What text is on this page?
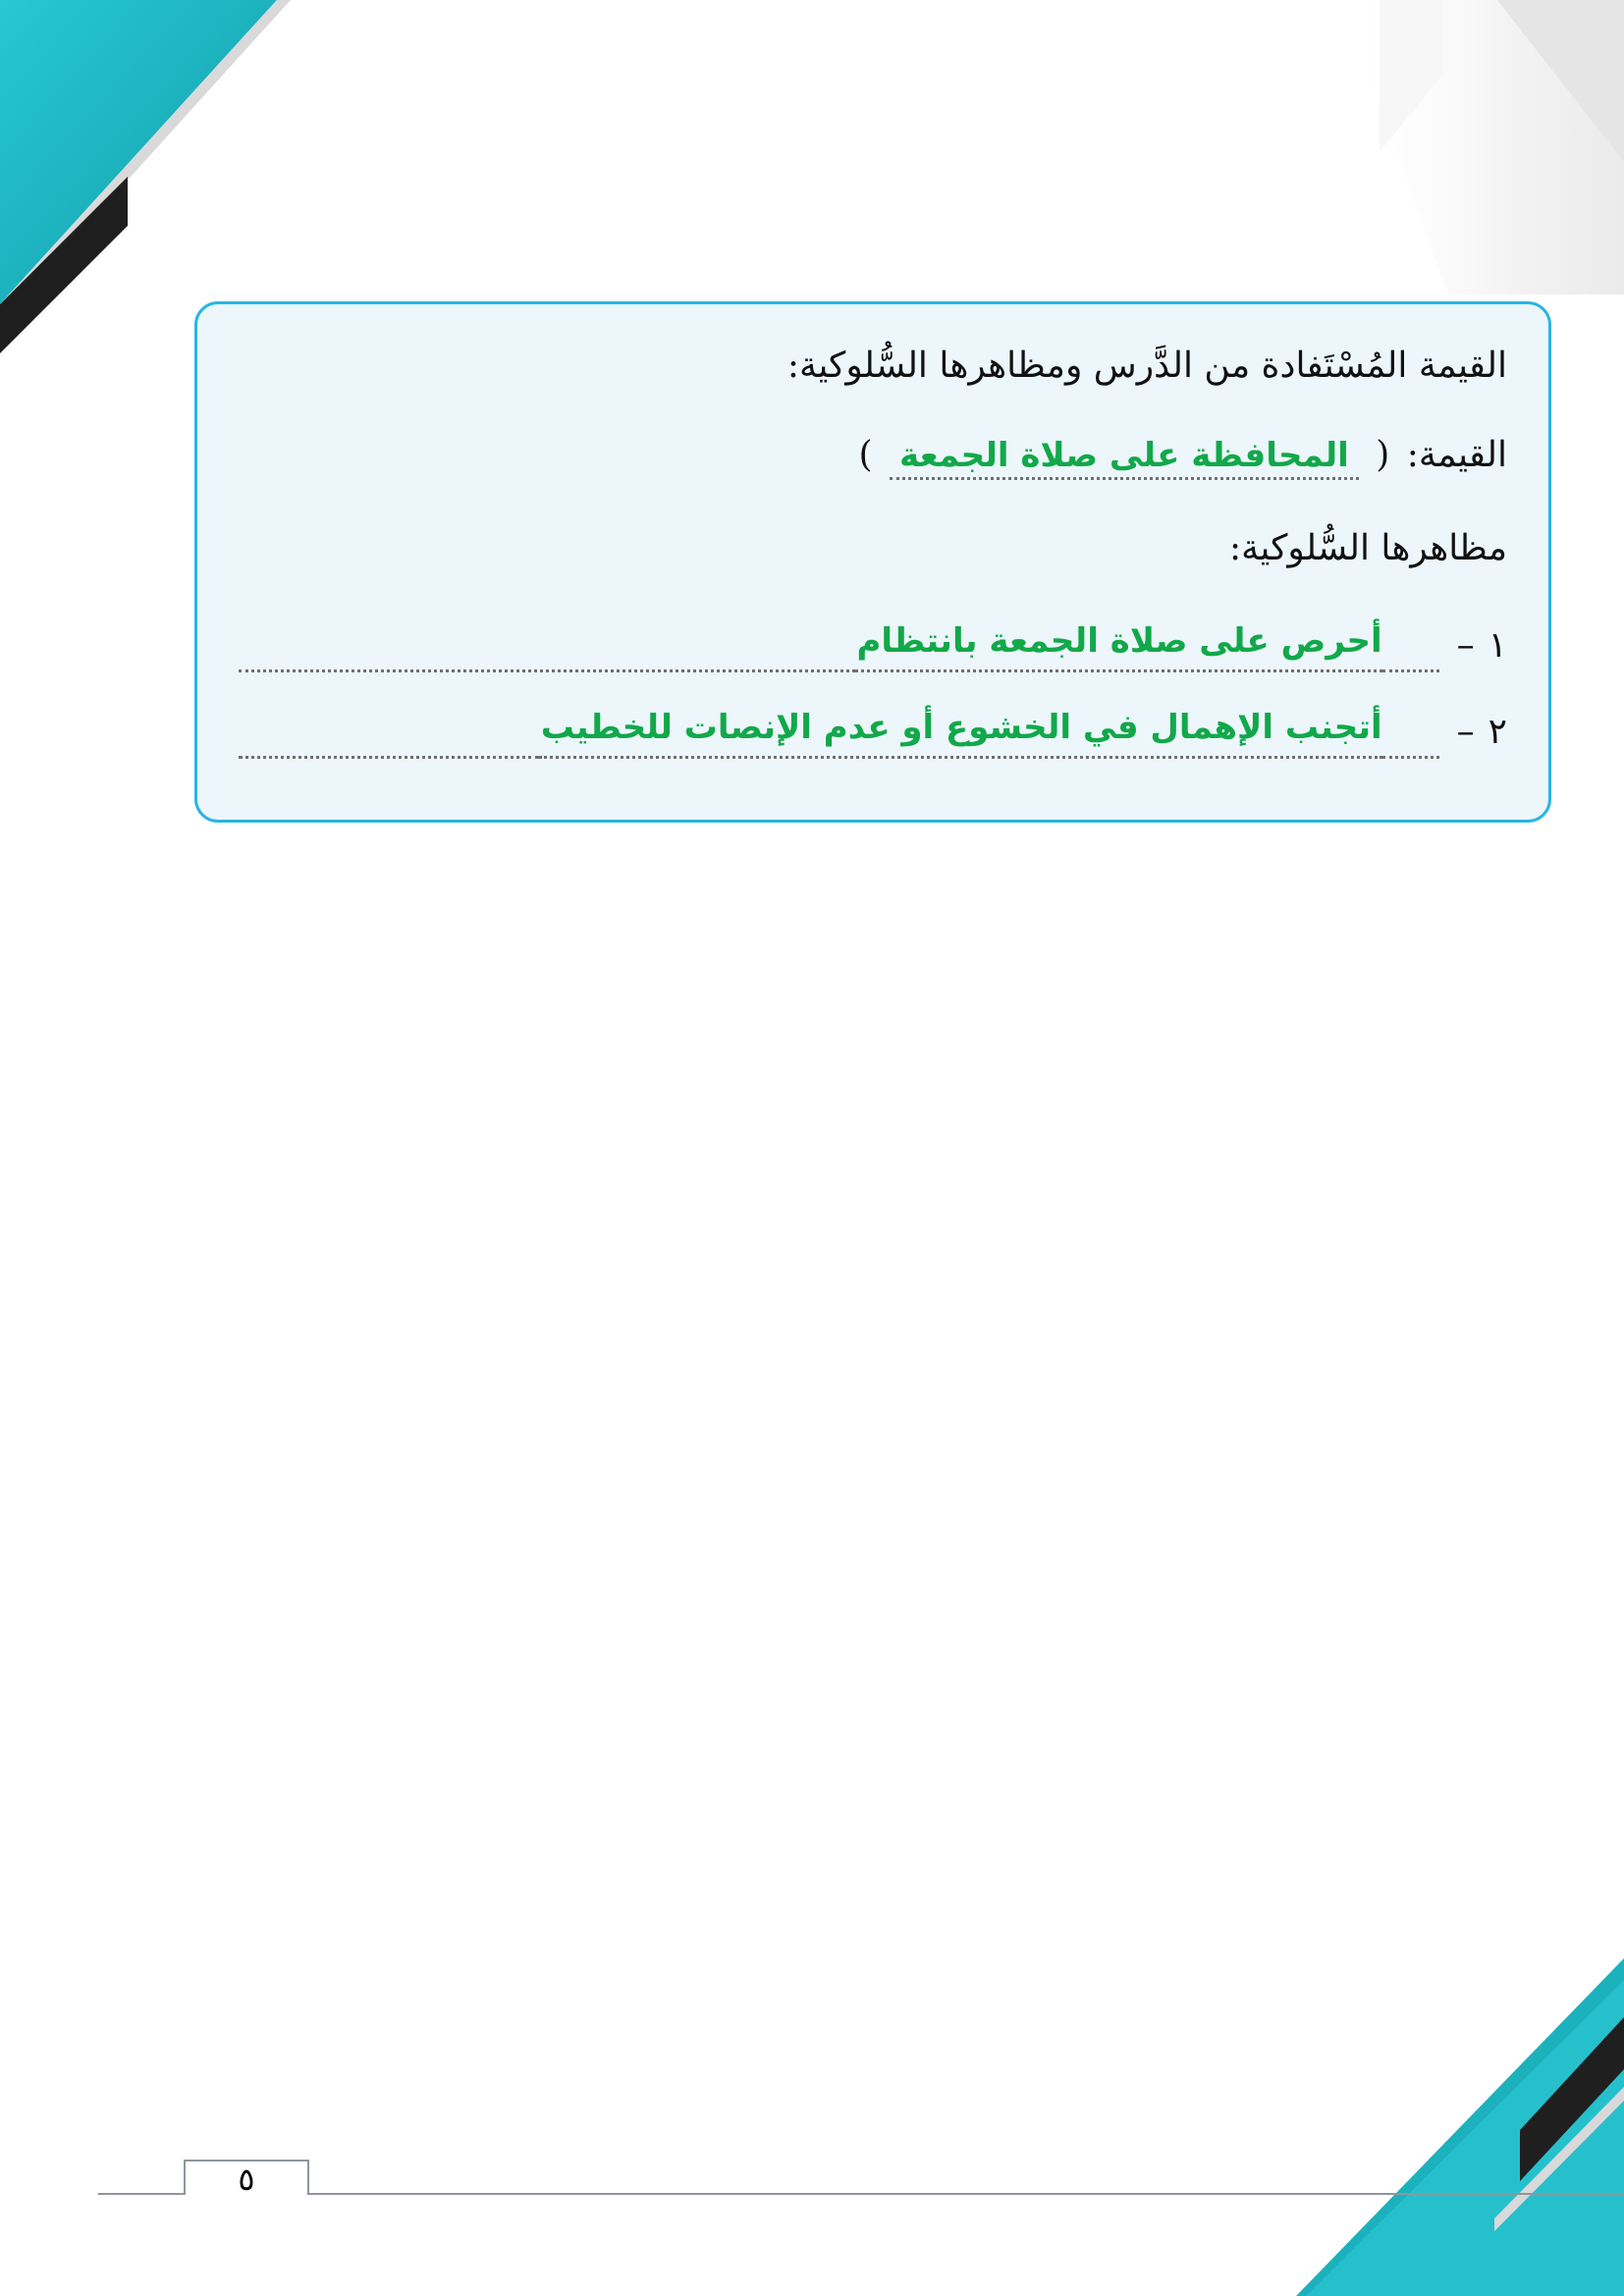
القيمة المُسْتَفادة من الدَّرس ومظاهرها السُّلوكية:
القيمة: ( المحافظة على صلاة الجمعة )
مظاهرها السُّلوكية:
١
–
أحرص على صلاة الجمعة بانتظام
٢
–
أتجنب الإهمال في الخشوع أو عدم الإنصات للخطيب
٥
